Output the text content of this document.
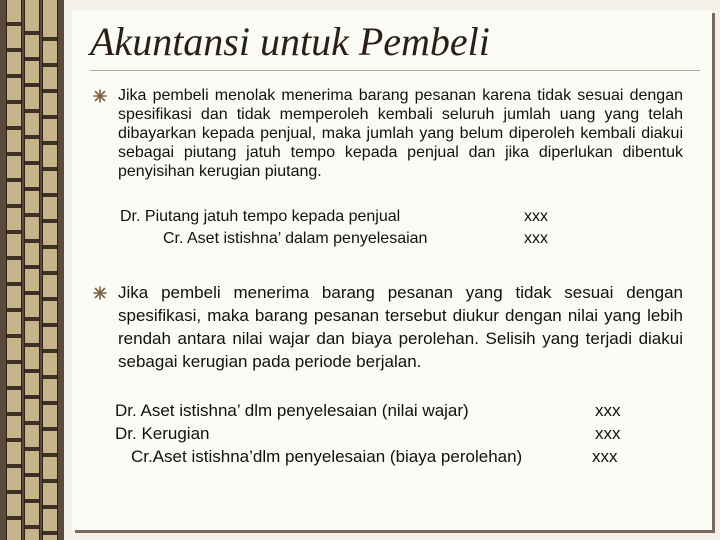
Akuntansi untuk Pembeli

Jika pembeli menolak menerima barang pesanan karena tidak sesuai dengan spesifikasi dan tidak memperoleh kembali seluruh jumlah uang yang telah dibayarkan kepada penjual, maka jumlah yang belum diperoleh kembali diakui sebagai piutang jatuh tempo kepada penjual dan jika diperlukan dibentuk penyisihan kerugian piutang.

Dr. Piutang jatuh tempo kepada penjual	xxx
Cr. Aset istishna’ dalam penyelesaian	xxx

Jika pembeli menerima barang pesanan yang tidak sesuai dengan spesifikasi, maka barang pesanan tersebut diukur dengan nilai yang lebih rendah antara nilai wajar dan biaya perolehan. Selisih yang terjadi diakui sebagai kerugian pada periode berjalan.

Dr. Aset istishna’ dlm penyelesaian (nilai wajar)	xxx
Dr. Kerugian	xxx
Cr.Aset istishna’dlm penyelesaian (biaya perolehan)	xxx
